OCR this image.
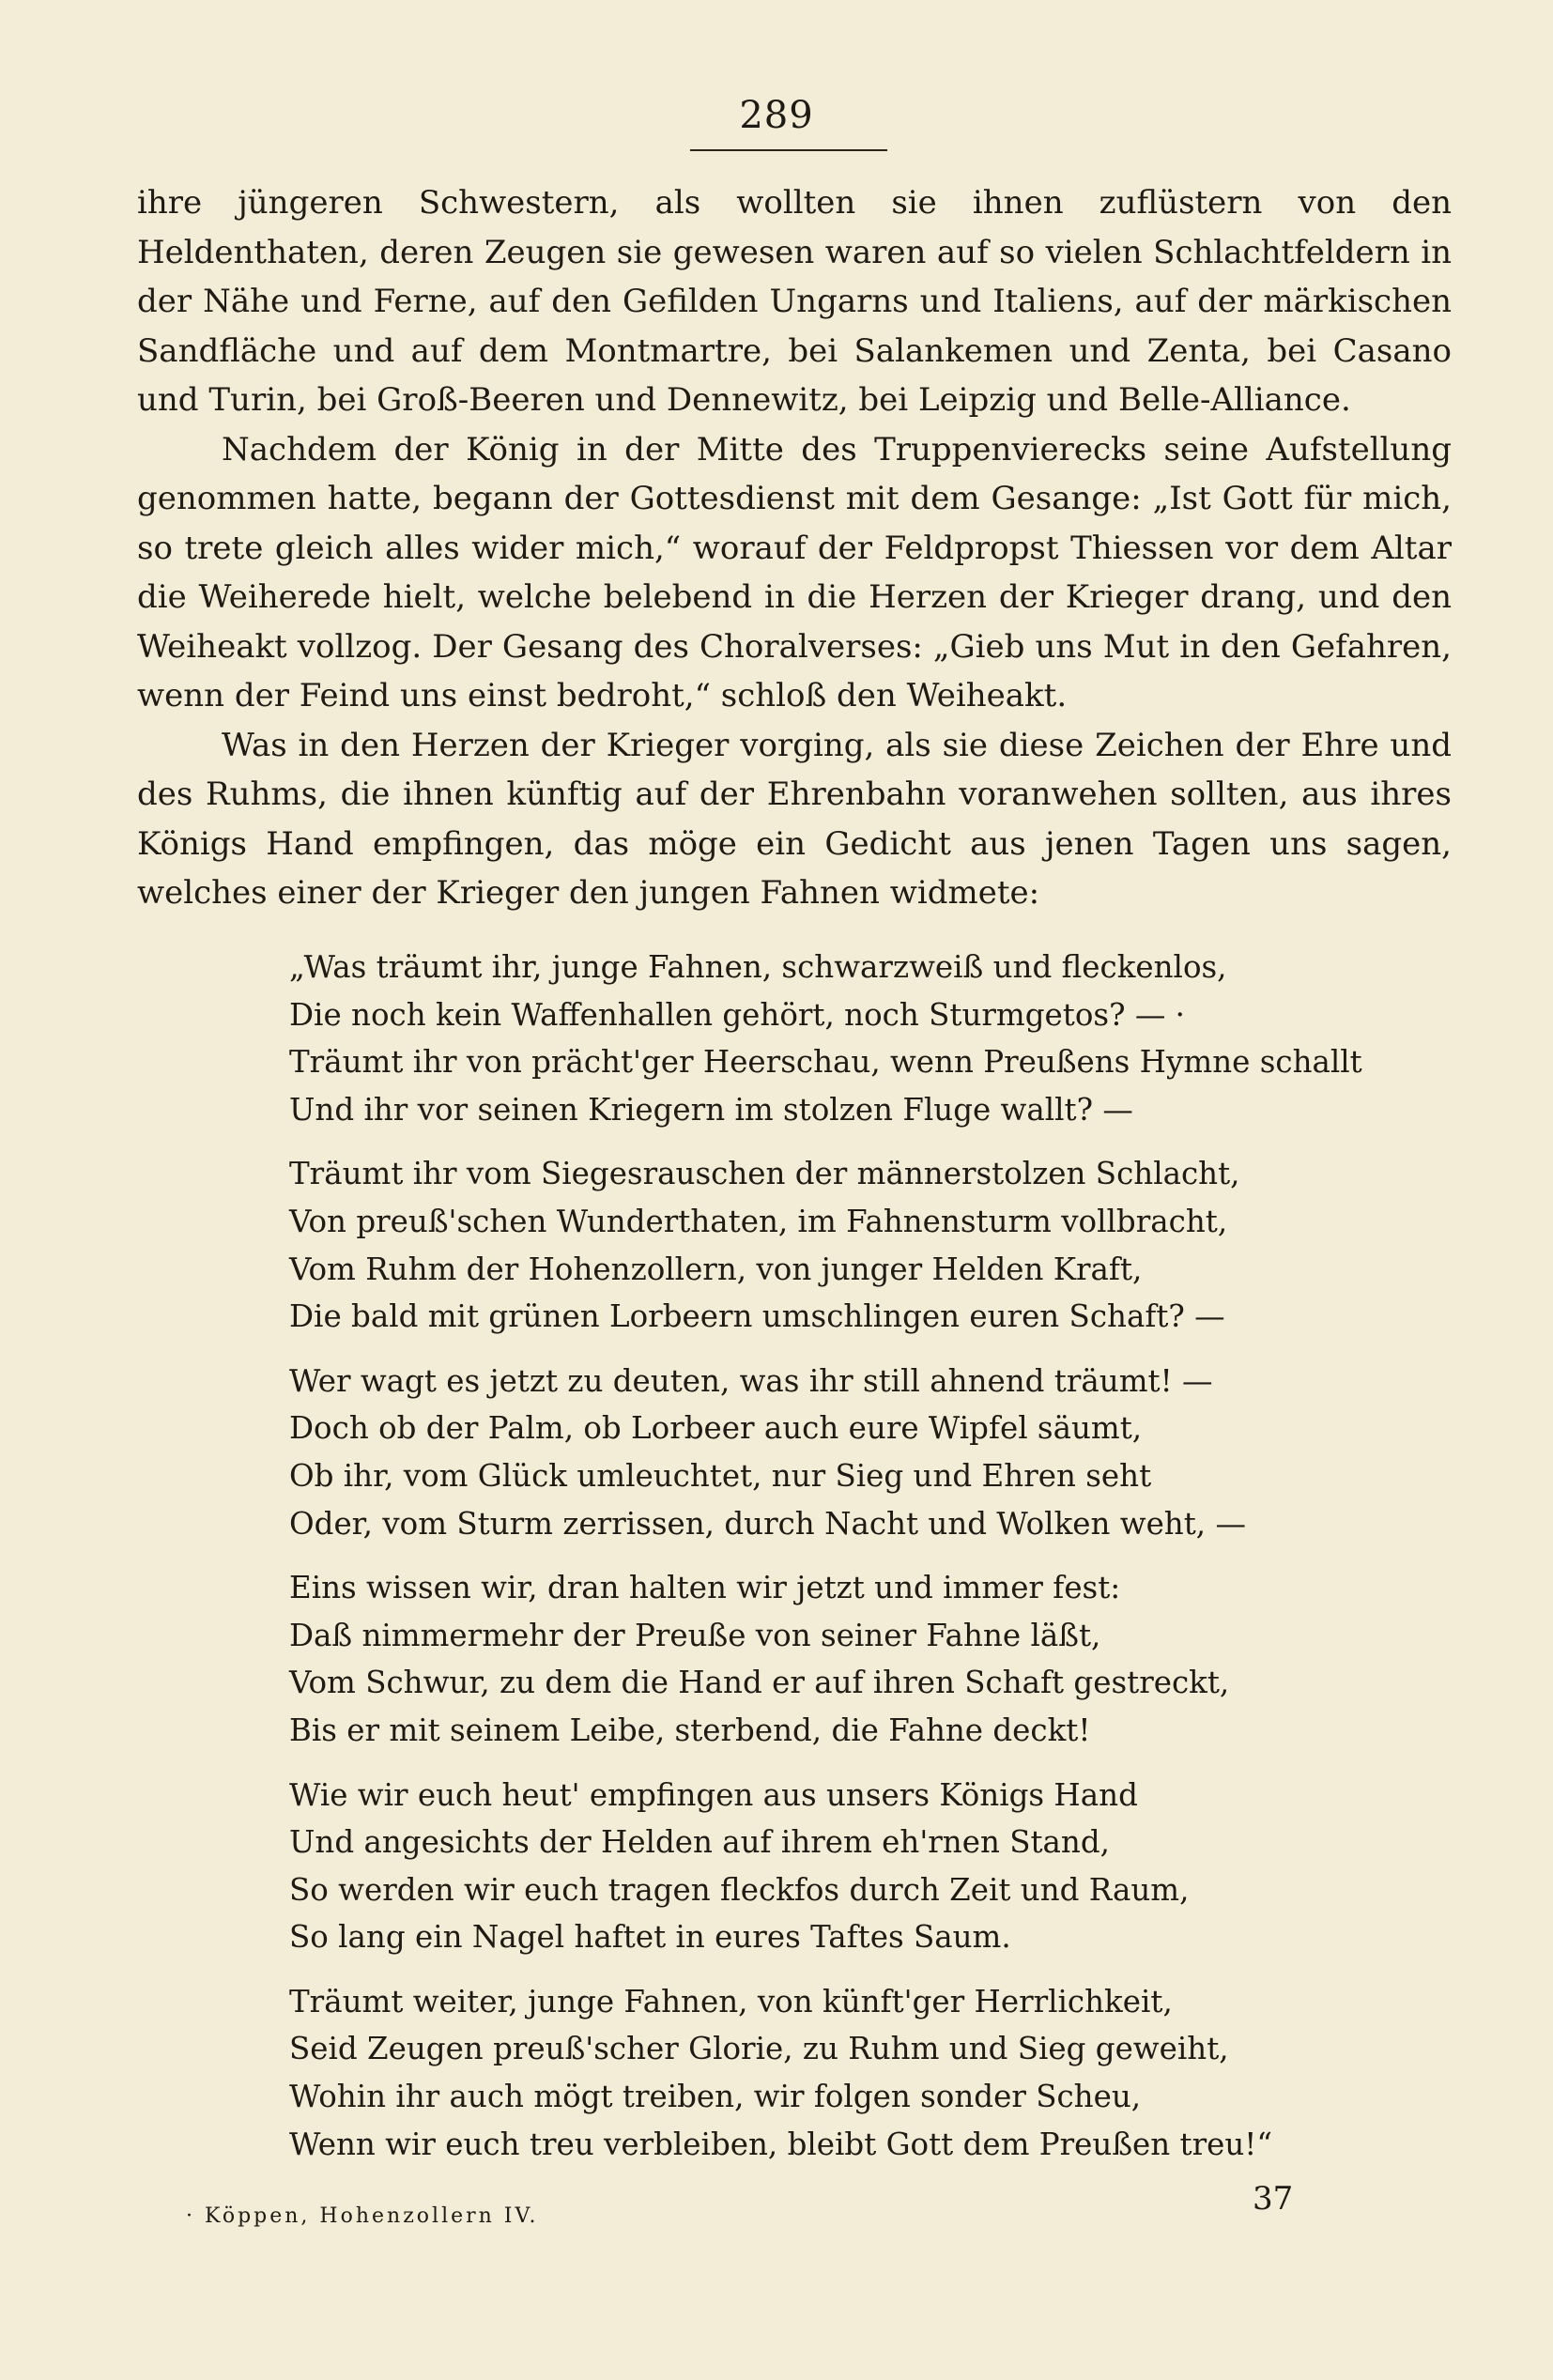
289

ihre jüngeren Schwestern, als wollten sie ihnen zuflüstern von den Heldenthaten, deren Zeugen sie gewesen waren auf so vielen Schlachtfeldern in der Nähe und Ferne, auf den Gefilden Ungarns und Italiens, auf der märkischen Sandfläche und auf dem Montmartre, bei Salankemen und Zenta, bei Casano und Turin, bei Groß-Beeren und Dennewitz, bei Leipzig und Belle-Alliance.

Nachdem der König in der Mitte des Truppenvierecks seine Aufstellung genommen hatte, begann der Gottesdienst mit dem Gesange: „Ist Gott für mich, so trete gleich alles wider mich,“ worauf der Feldpropst Thiessen vor dem Altar die Weiherede hielt, welche belebend in die Herzen der Krieger drang, und den Weiheakt vollzog. Der Gesang des Choralverses: „Gieb uns Mut in den Gefahren, wenn der Feind uns einst bedroht,“ schloß den Weiheakt.

Was in den Herzen der Krieger vorging, als sie diese Zeichen der Ehre und des Ruhms, die ihnen künftig auf der Ehrenbahn voranwehen sollten, aus ihres Königs Hand empfingen, das möge ein Gedicht aus jenen Tagen uns sagen, welches einer der Krieger den jungen Fahnen widmete:

„Was träumt ihr, junge Fahnen, schwarzweiß und fleckenlos,
Die noch kein Waffenhallen gehört, noch Sturmgetos? — ·
Träumt ihr von prächt'ger Heerschau, wenn Preußens Hymne schallt
Und ihr vor seinen Kriegern im stolzen Fluge wallt? —
Träumt ihr vom Siegesrauschen der männerstolzen Schlacht,
Von preuß'schen Wunderthaten, im Fahnensturm vollbracht,
Vom Ruhm der Hohenzollern, von junger Helden Kraft,
Die bald mit grünen Lorbeern umschlingen euren Schaft? —
Wer wagt es jetzt zu deuten, was ihr still ahnend träumt! —
Doch ob der Palm, ob Lorbeer auch eure Wipfel säumt,
Ob ihr, vom Glück umleuchtet, nur Sieg und Ehren seht
Oder, vom Sturm zerrissen, durch Nacht und Wolken weht, —
Eins wissen wir, dran halten wir jetzt und immer fest:
Daß nimmermehr der Preuße von seiner Fahne läßt,
Vom Schwur, zu dem die Hand er auf ihren Schaft gestreckt,
Bis er mit seinem Leibe, sterbend, die Fahne deckt!
Wie wir euch heut' empfingen aus unsers Königs Hand
Und angesichts der Helden auf ihrem eh'rnen Stand,
So werden wir euch tragen fleckfos durch Zeit und Raum,
So lang ein Nagel haftet in eures Taftes Saum.
Träumt weiter, junge Fahnen, von künft'ger Herrlichkeit,
Seid Zeugen preuß'scher Glorie, zu Ruhm und Sieg geweiht,
Wohin ihr auch mögt treiben, wir folgen sonder Scheu,
Wenn wir euch treu verbleiben, bleibt Gott dem Preußen treu!“
· Köppen, Hohenzollern IV.	37
